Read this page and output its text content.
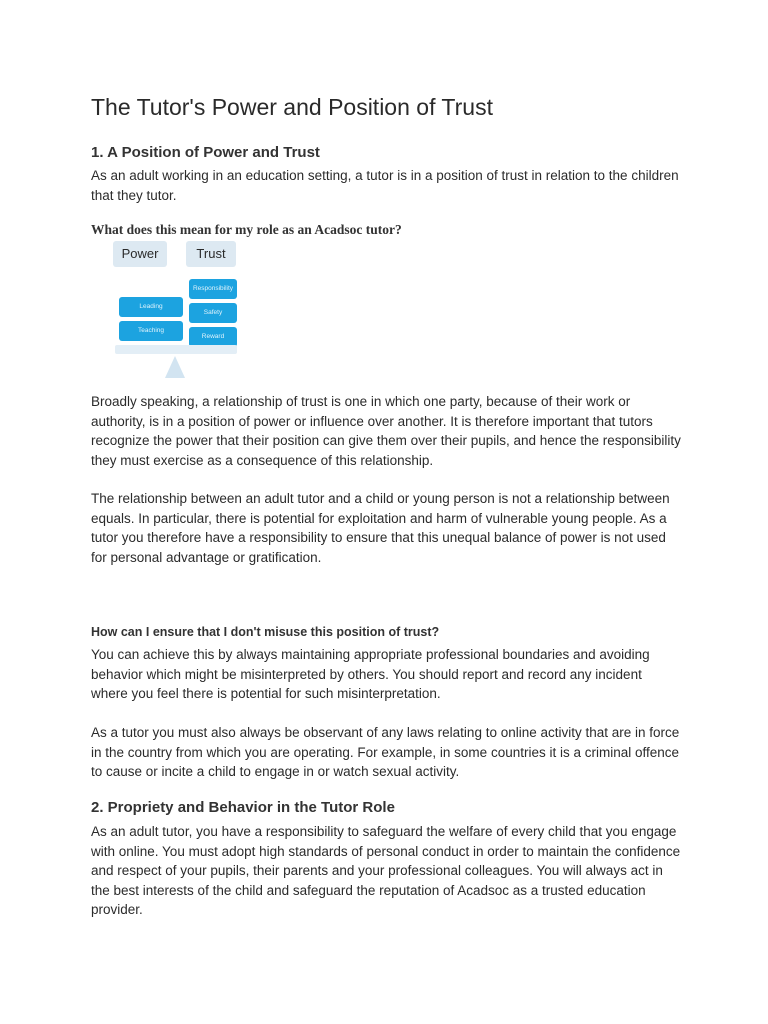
The Tutor's Power and Position of Trust
1. A Position of Power and Trust

As an adult working in an education setting, a tutor is in a position of trust in relation to the children that they tutor.

What does this mean for my role as an Acadsoc tutor?

Power	Trust
Leading
Teaching
Responsibility
Safety
Reward

Broadly speaking, a relationship of trust is one in which one party, because of their work or authority, is in a position of power or influence over another. It is therefore important that tutors recognize the power that their position can give them over their pupils, and hence the responsibility they must exercise as a consequence of this relationship.

The relationship between an adult tutor and a child or young person is not a relationship between equals. In particular, there is potential for exploitation and harm of vulnerable young people. As a tutor you therefore have a responsibility to ensure that this unequal balance of power is not used for personal advantage or gratification.

How can I ensure that I don't misuse this position of trust?

You can achieve this by always maintaining appropriate professional boundaries and avoiding behavior which might be misinterpreted by others. You should report and record any incident where you feel there is potential for such misinterpretation.

As a tutor you must also always be observant of any laws relating to online activity that are in force in the country from which you are operating. For example, in some countries it is a criminal offence to cause or incite a child to engage in or watch sexual activity.

2. Propriety and Behavior in the Tutor Role

As an adult tutor, you have a responsibility to safeguard the welfare of every child that you engage with online. You must adopt high standards of personal conduct in order to maintain the confidence and respect of your pupils, their parents and your professional colleagues. You will always act in the best interests of the child and safeguard the reputation of Acadsoc as a trusted education provider.
